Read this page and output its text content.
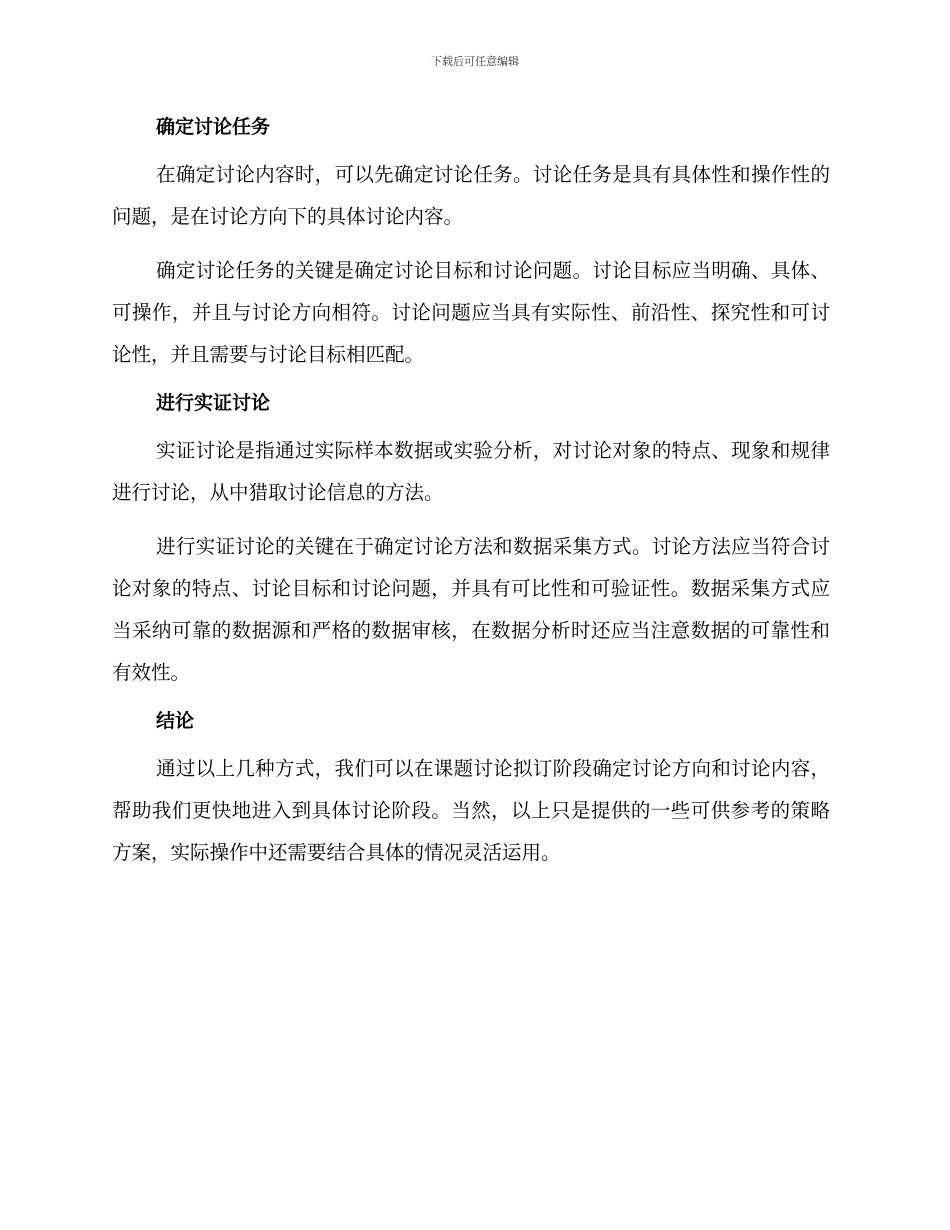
下载后可任意编辑
确定讨论任务

在确定讨论内容时，可以先确定讨论任务。讨论任务是具有具体性和操作性的问题，是在讨论方向下的具体讨论内容。

确定讨论任务的关键是确定讨论目标和讨论问题。讨论目标应当明确、具体、可操作，并且与讨论方向相符。讨论问题应当具有实际性、前沿性、探究性和可讨论性，并且需要与讨论目标相匹配。

进行实证讨论

实证讨论是指通过实际样本数据或实验分析，对讨论对象的特点、现象和规律进行讨论，从中猎取讨论信息的方法。

进行实证讨论的关键在于确定讨论方法和数据采集方式。讨论方法应当符合讨论对象的特点、讨论目标和讨论问题，并具有可比性和可验证性。数据采集方式应当采纳可靠的数据源和严格的数据审核，在数据分析时还应当注意数据的可靠性和有效性。

结论

通过以上几种方式，我们可以在课题讨论拟订阶段确定讨论方向和讨论内容，帮助我们更快地进入到具体讨论阶段。当然，以上只是提供的一些可供参考的策略方案，实际操作中还需要结合具体的情况灵活运用。
